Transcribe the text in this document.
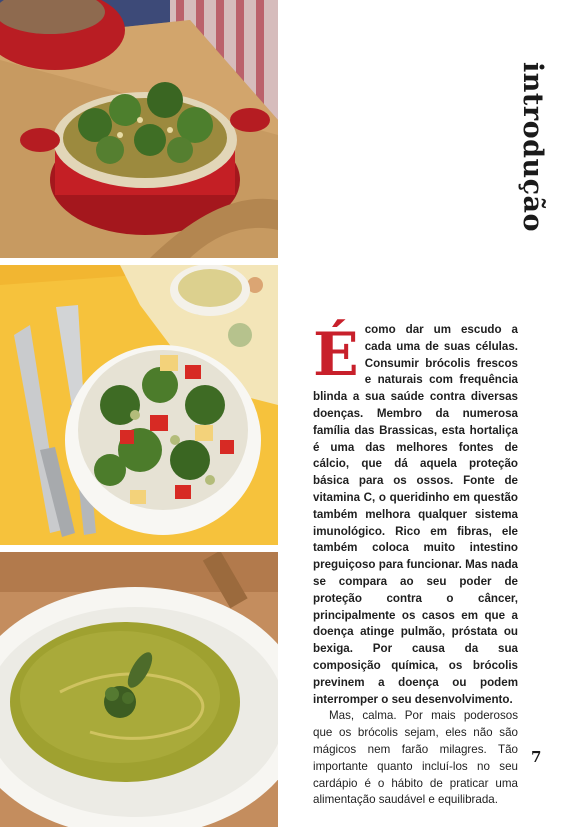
introdução

É como dar um escudo a cada uma de suas células. Consumir brócolis frescos e naturais com frequência blinda a sua saúde contra diversas doenças. Membro da numerosa família das Brassicas, esta hortaliça é uma das melhores fontes de cálcio, que dá aquela proteção básica para os ossos. Fonte de vitamina C, o queridinho em questão também melhora qualquer sistema imunológico. Rico em fibras, ele também coloca muito intestino preguiçoso para funcionar. Mas nada se compara ao seu poder de proteção contra o câncer, principalmente os casos em que a doença atinge pulmão, próstata ou bexiga. Por causa da sua composição química, os brócolis previnem a doença ou podem interromper o seu desenvolvimento.

Mas, calma. Por mais poderosos que os brócolis sejam, eles não são mágicos nem farão milagres. Tão importante quanto incluí-los no seu cardápio é o hábito de praticar uma alimentação saudável e equilibrada.

7
